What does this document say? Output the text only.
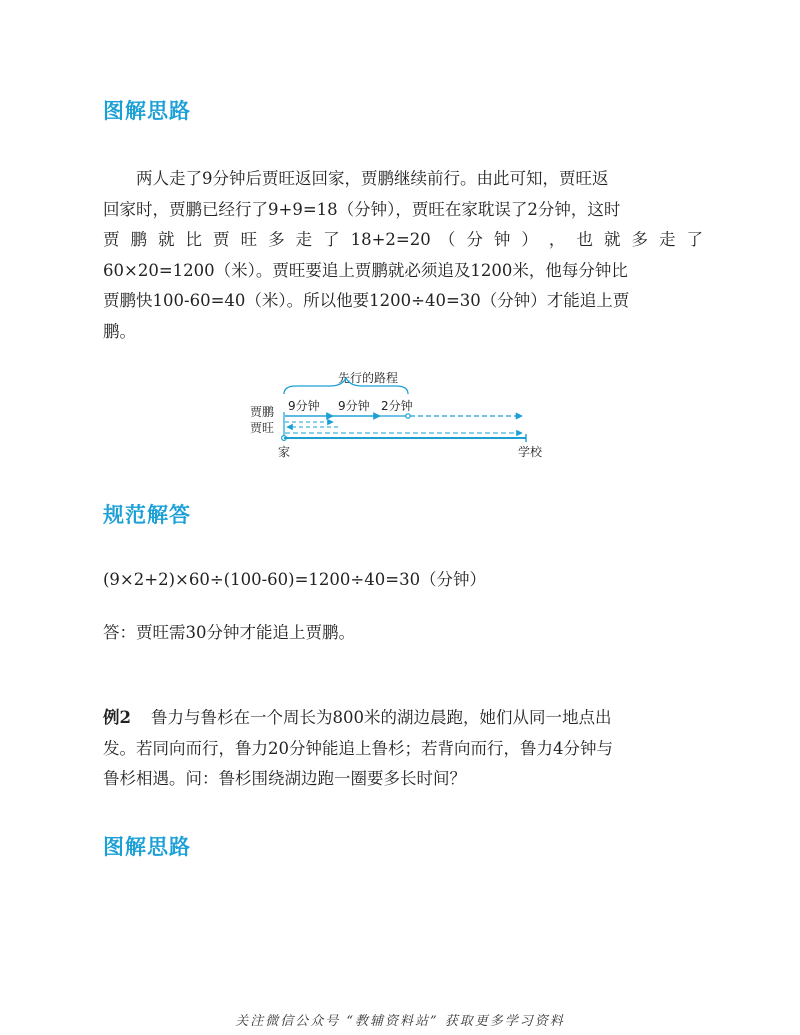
图解思路
两人走了9分钟后贾旺返回家，贾鹏继续前行。由此可知，贾旺返
回家时，贾鹏已经行了9+9=18（分钟），贾旺在家耽误了2分钟，这时
贾 鹏 就 比 贾 旺 多 走 了 18+2=20 （ 分 钟 ） ， 也 就 多 走 了
60×20=1200（米）。贾旺要追上贾鹏就必须追及1200米，他每分钟比
贾鹏快100-60=40（米）。所以他要1200÷40=30（分钟）才能追上贾
鹏。
先行的路程
9分钟 9分钟 2分钟
贾鹏
贾旺
家	学校
规范解答
(9×2+2)×60÷(100-60)=1200÷40=30（分钟）
答：贾旺需30分钟才能追上贾鹏。
例2 鲁力与鲁杉在一个周长为800米的湖边晨跑，她们从同一地点出
发。若同向而行，鲁力20分钟能追上鲁杉；若背向而行，鲁力4分钟与
鲁杉相遇。问：鲁杉围绕湖边跑一圈要多长时间？
图解思路
关注微信公众号 “教辅资料站” 获取更多学习资料
